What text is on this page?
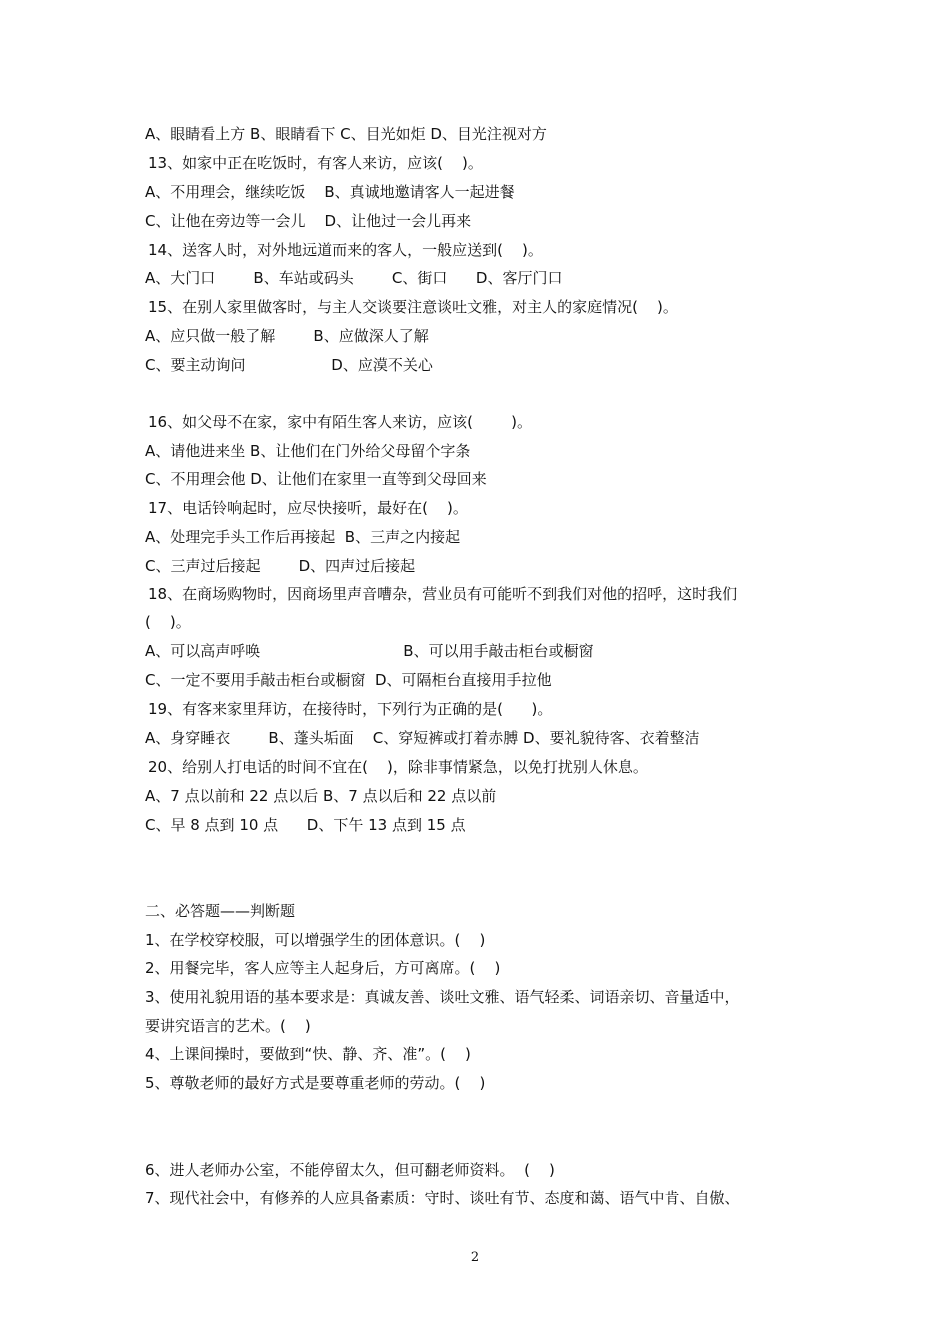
A、眼睛看上方 B、眼睛看下 C、目光如炬 D、目光注视对方
13、如家中正在吃饭时，有客人来访，应该(    )。
A、不用理会，继续吃饭    B、真诚地邀请客人一起进餐
C、让他在旁边等一会儿    D、让他过一会儿再来
14、送客人时，对外地远道而来的客人，一般应送到(    )。
A、大门口        B、车站或码头        C、街口      D、客厅门口
15、在别人家里做客时，与主人交谈要注意谈吐文雅，对主人的家庭情况(    )。
A、应只做一般了解        B、应做深人了解
C、要主动询问                  D、应漠不关心
16、如父母不在家，家中有陌生客人来访，应该(        )。
A、请他进来坐 B、让他们在门外给父母留个字条
C、不用理会他 D、让他们在家里一直等到父母回来
17、电话铃响起时，应尽快接听，最好在(    )。
A、处理完手头工作后再接起  B、三声之内接起
C、三声过后接起        D、四声过后接起
18、在商场购物时，因商场里声音嘈杂，营业员有可能听不到我们对他的招呼，这时我们
(    )。
A、可以高声呼唤                              B、可以用手敲击柜台或橱窗
C、一定不要用手敲击柜台或橱窗  D、可隔柜台直接用手拉他
19、有客来家里拜访，在接待时，下列行为正确的是(      )。
A、身穿睡衣        B、蓬头垢面    C、穿短裤或打着赤膊 D、要礼貌待客、衣着整洁
20、给别人打电话的时间不宜在(    )，除非事情紧急，以免打扰别人休息。
A、7 点以前和 22 点以后 B、7 点以后和 22 点以前
C、早 8 点到 10 点      D、下午 13 点到 15 点
二、必答题——判断题
1、在学校穿校服，可以增强学生的团体意识。(    )
2、用餐完毕，客人应等主人起身后，方可离席。(    )
3、使用礼貌用语的基本要求是：真诚友善、谈吐文雅、语气轻柔、词语亲切、音量适中，
要讲究语言的艺术。(    )
4、上课间操时，要做到“快、静、齐、准”。(    )
5、尊敬老师的最好方式是要尊重老师的劳动。(    )
6、进人老师办公室，不能停留太久，但可翻老师资料。  (    )
7、现代社会中，有修养的人应具备素质：守时、谈吐有节、态度和蔼、语气中肯、自傲、
2
